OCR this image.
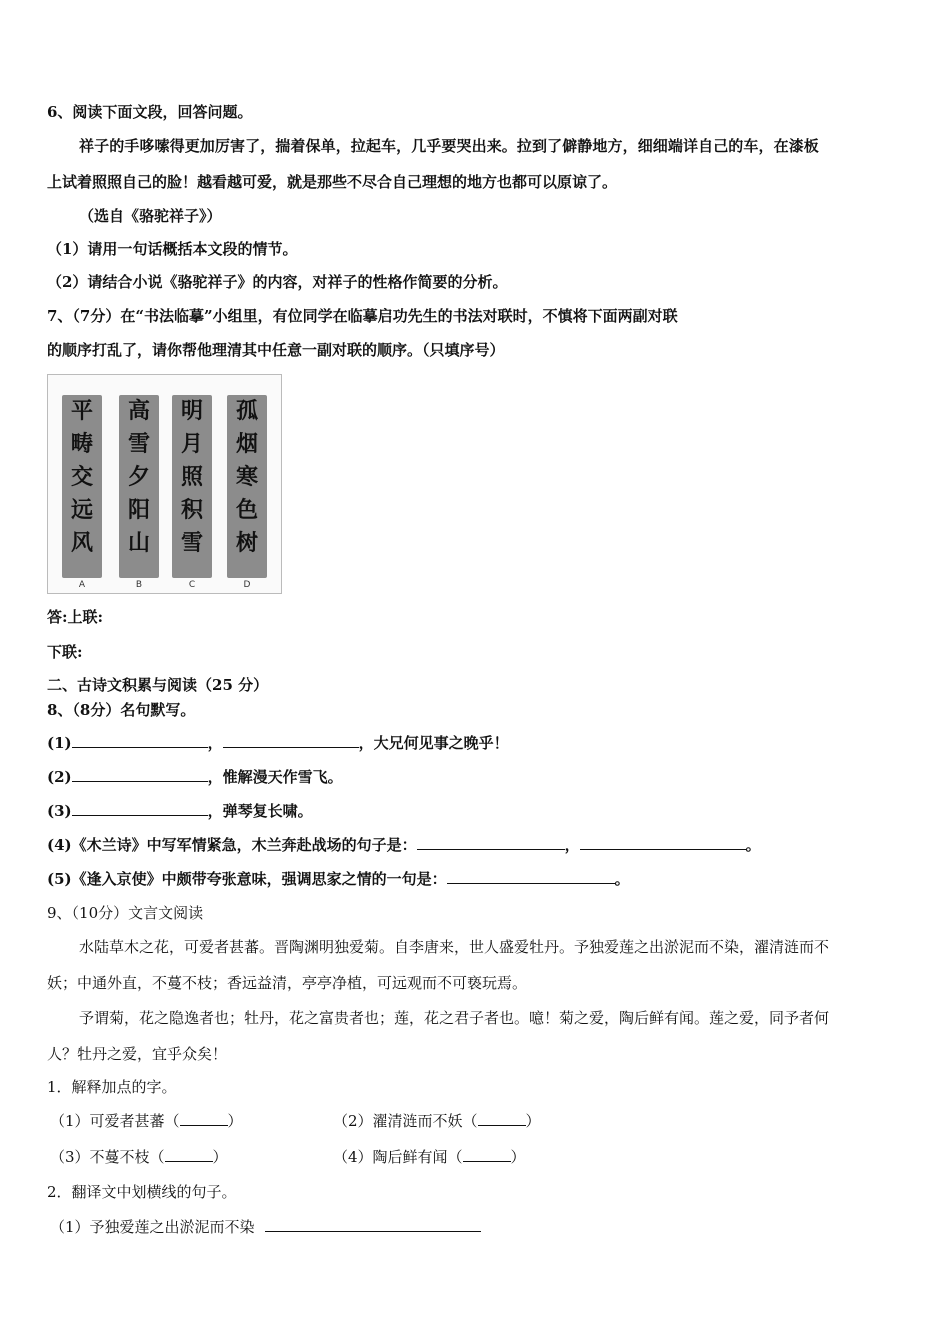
6、阅读下面文段，回答问题。
祥子的手哆嗦得更加厉害了，揣着保单，拉起车，几乎要哭出来。拉到了僻静地方，细细端详自己的车，在漆板
上试着照照自己的脸！越看越可爱，就是那些不尽合自己理想的地方也都可以原谅了。
（选自《骆驼祥子》）
（1）请用一句话概括本文段的情节。
（2）请结合小说《骆驼祥子》的内容，对祥子的性格作简要的分析。
7、（7分）在“书法临摹”小组里，有位同学在临摹启功先生的书法对联时，不慎将下面两副对联
的顺序打乱了，请你帮他理清其中任意一副对联的顺序。（只填序号）
平
畴
交
远
风
A
高
雪
夕
阳
山
B
明
月
照
积
雪
C
孤
烟
寒
色
树
D
答:上联:
下联:
二、古诗文积累与阅读（25 分）
8、（8分）名句默写。
(1)	，	，大兄何见事之晚乎！
(2)	，惟解漫天作雪飞。
(3)	，弹琴复长啸。
(4)《木兰诗》中写军情紧急，木兰奔赴战场的句子是：	，	。
(5)《逢入京使》中颇带夸张意味，强调思家之情的一句是：	。
9、（10分）文言文阅读
水陆草木之花，可爱者甚蕃。晋陶渊明独爱菊。自李唐来，世人盛爱牡丹。予独爱莲之出淤泥而不染，濯清涟而不
妖；中通外直，不蔓不枝；香远益清，亭亭净植，可远观而不可亵玩焉。
予谓菊，花之隐逸者也；牡丹，花之富贵者也；莲，花之君子者也。噫！菊之爱，陶后鲜有闻。莲之爱，同予者何
人？牡丹之爱，宜乎众矣！
1．解释加点的字。
（1）可爱者甚蕃（	）	（2）濯清涟而不妖（	）
（3）不蔓不枝（	）	（4）陶后鲜有闻（	）
2．翻译文中划横线的句子。
（1）予独爱莲之出淤泥而不染
